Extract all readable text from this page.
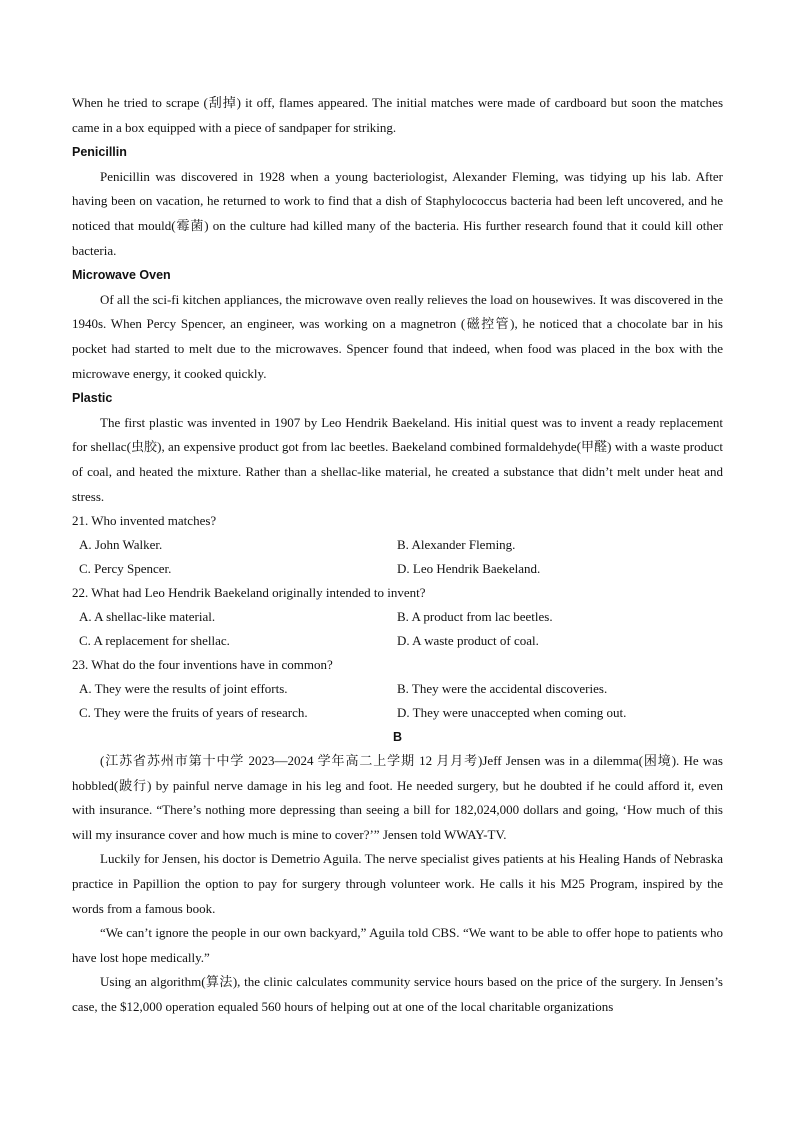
When he tried to scrape (刮掉) it off, flames appeared. The initial matches were made of cardboard but soon the matches came in a box equipped with a piece of sandpaper for striking.

Penicillin

Penicillin was discovered in 1928 when a young bacteriologist, Alexander Fleming, was tidying up his lab. After having been on vacation, he returned to work to find that a dish of Staphylococcus bacteria had been left uncovered, and he noticed that mould(霉菌) on the culture had killed many of the bacteria. His further research found that it could kill other bacteria.

Microwave Oven

Of all the sci-fi kitchen appliances, the microwave oven really relieves the load on housewives. It was discovered in the 1940s. When Percy Spencer, an engineer, was working on a magnetron (磁控管), he noticed that a chocolate bar in his pocket had started to melt due to the microwaves. Spencer found that indeed, when food was placed in the box with the microwave energy, it cooked quickly.

Plastic

The first plastic was invented in 1907 by Leo Hendrik Baekeland. His initial quest was to invent a ready replacement for shellac(虫胶), an expensive product got from lac beetles. Baekeland combined formaldehyde(甲醛) with a waste product of coal, and heated the mixture. Rather than a shellac-like material, he created a substance that didn’t melt under heat and stress.

21. Who invented matches?
A. John Walker.	B. Alexander Fleming.
C. Percy Spencer.	D. Leo Hendrik Baekeland.
22. What had Leo Hendrik Baekeland originally intended to invent?
A. A shellac-like material.	B. A product from lac beetles.
C. A replacement for shellac.	D. A waste product of coal.
23. What do the four inventions have in common?
A. They were the results of joint efforts.	B. They were the accidental discoveries.
C. They were the fruits of years of research.	D. They were unaccepted when coming out.
B

(江苏省苏州市第十中学 2023—2024 学年高二上学期 12 月月考)Jeff Jensen was in a dilemma(困境). He was hobbled(跛行) by painful nerve damage in his leg and foot. He needed surgery, but he doubted if he could afford it, even with insurance. “There’s nothing more depressing than seeing a bill for 182,024,000 dollars and going, ‘How much of this will my insurance cover and how much is mine to cover?’” Jensen told WWAY-TV.

Luckily for Jensen, his doctor is Demetrio Aguila. The nerve specialist gives patients at his Healing Hands of Nebraska practice in Papillion the option to pay for surgery through volunteer work. He calls it his M25 Program, inspired by the words from a famous book.

“We can’t ignore the people in our own backyard,” Aguila told CBS. “We want to be able to offer hope to patients who have lost hope medically.”

Using an algorithm(算法), the clinic calculates community service hours based on the price of the surgery. In Jensen’s case, the $12,000 operation equaled 560 hours of helping out at one of the local charitable organizations
